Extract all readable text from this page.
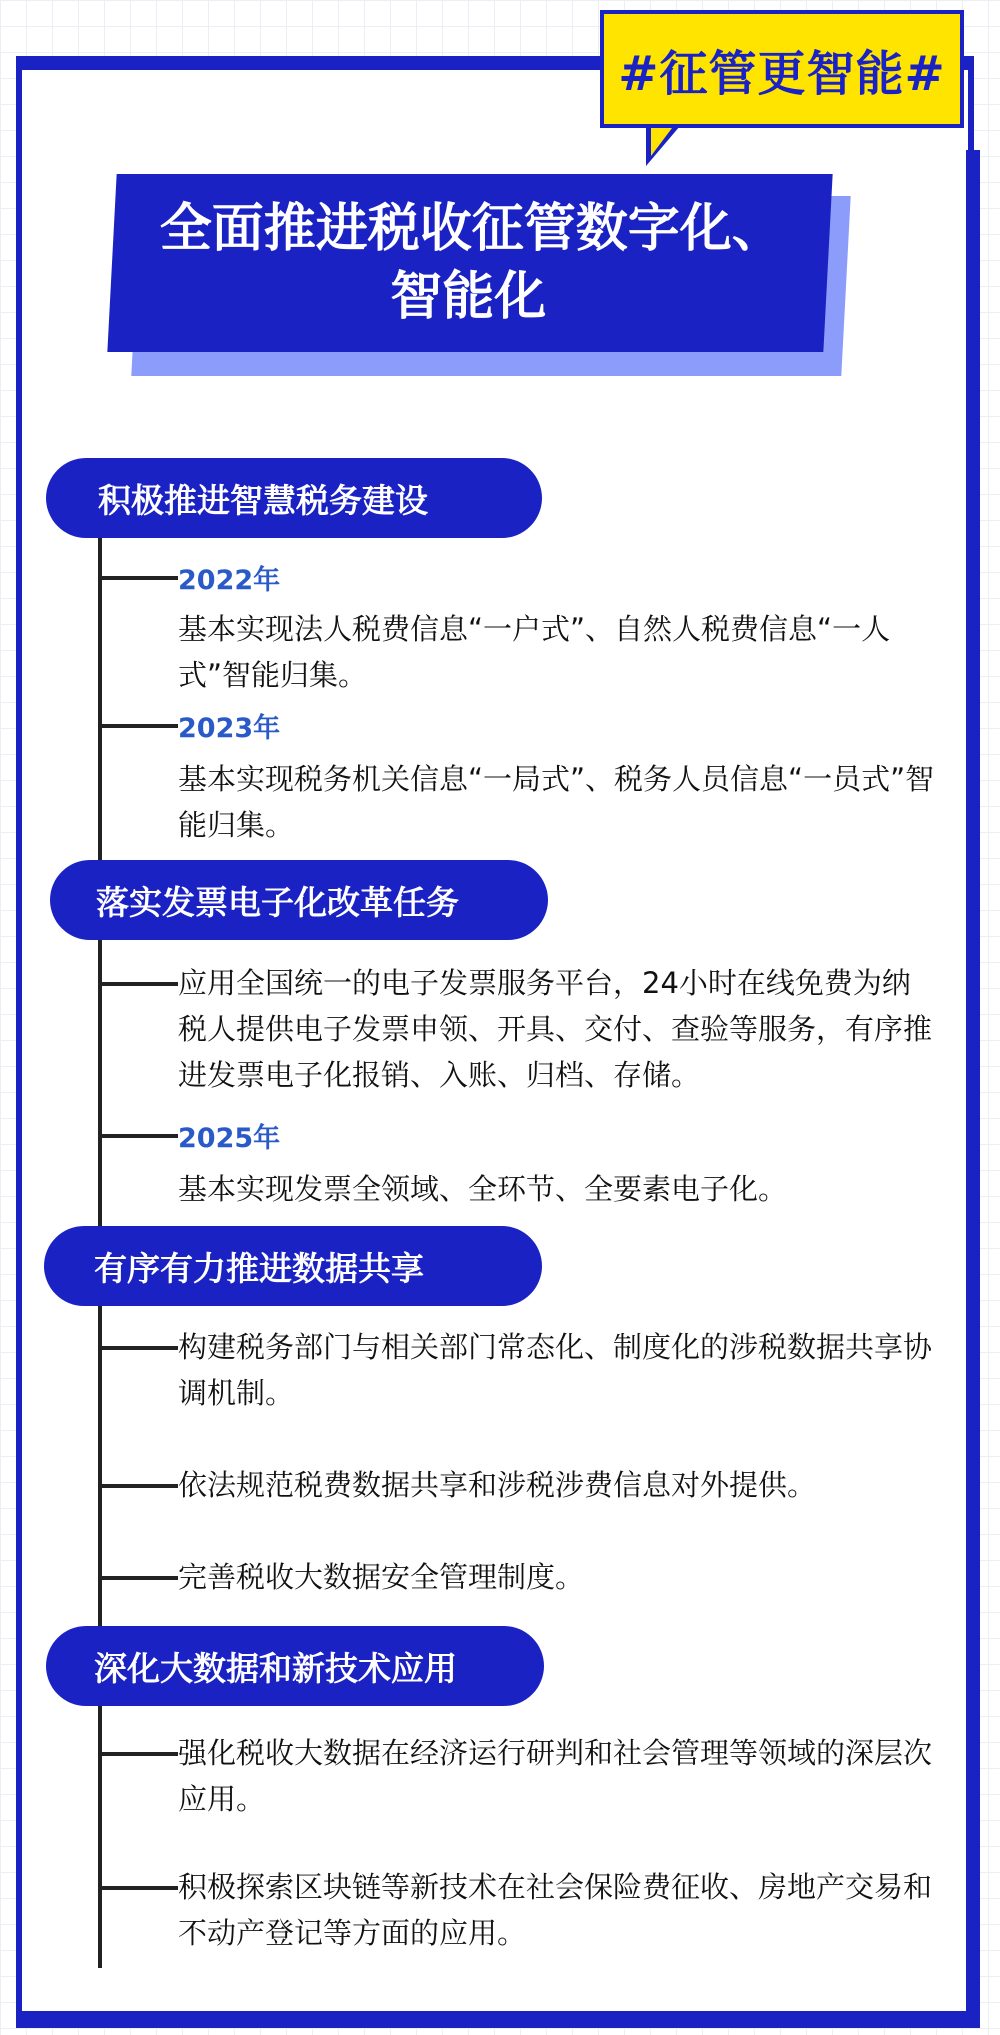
#征管更智能#
全面推进税收征管数字化、
智能化
积极推进智慧税务建设
2022年
基本实现法人税费信息“一户式”、自然人税费信息“一人式”智能归集。
2023年
基本实现税务机关信息“一局式”、税务人员信息“一员式”智能归集。
落实发票电子化改革任务
应用全国统一的电子发票服务平台，24小时在线免费为纳税人提供电子发票申领、开具、交付、查验等服务，有序推进发票电子化报销、入账、归档、存储。
2025年
基本实现发票全领域、全环节、全要素电子化。
有序有力推进数据共享
构建税务部门与相关部门常态化、制度化的涉税数据共享协调机制。
依法规范税费数据共享和涉税涉费信息对外提供。
完善税收大数据安全管理制度。
深化大数据和新技术应用
强化税收大数据在经济运行研判和社会管理等领域的深层次应用。
积极探索区块链等新技术在社会保险费征收、房地产交易和不动产登记等方面的应用。
